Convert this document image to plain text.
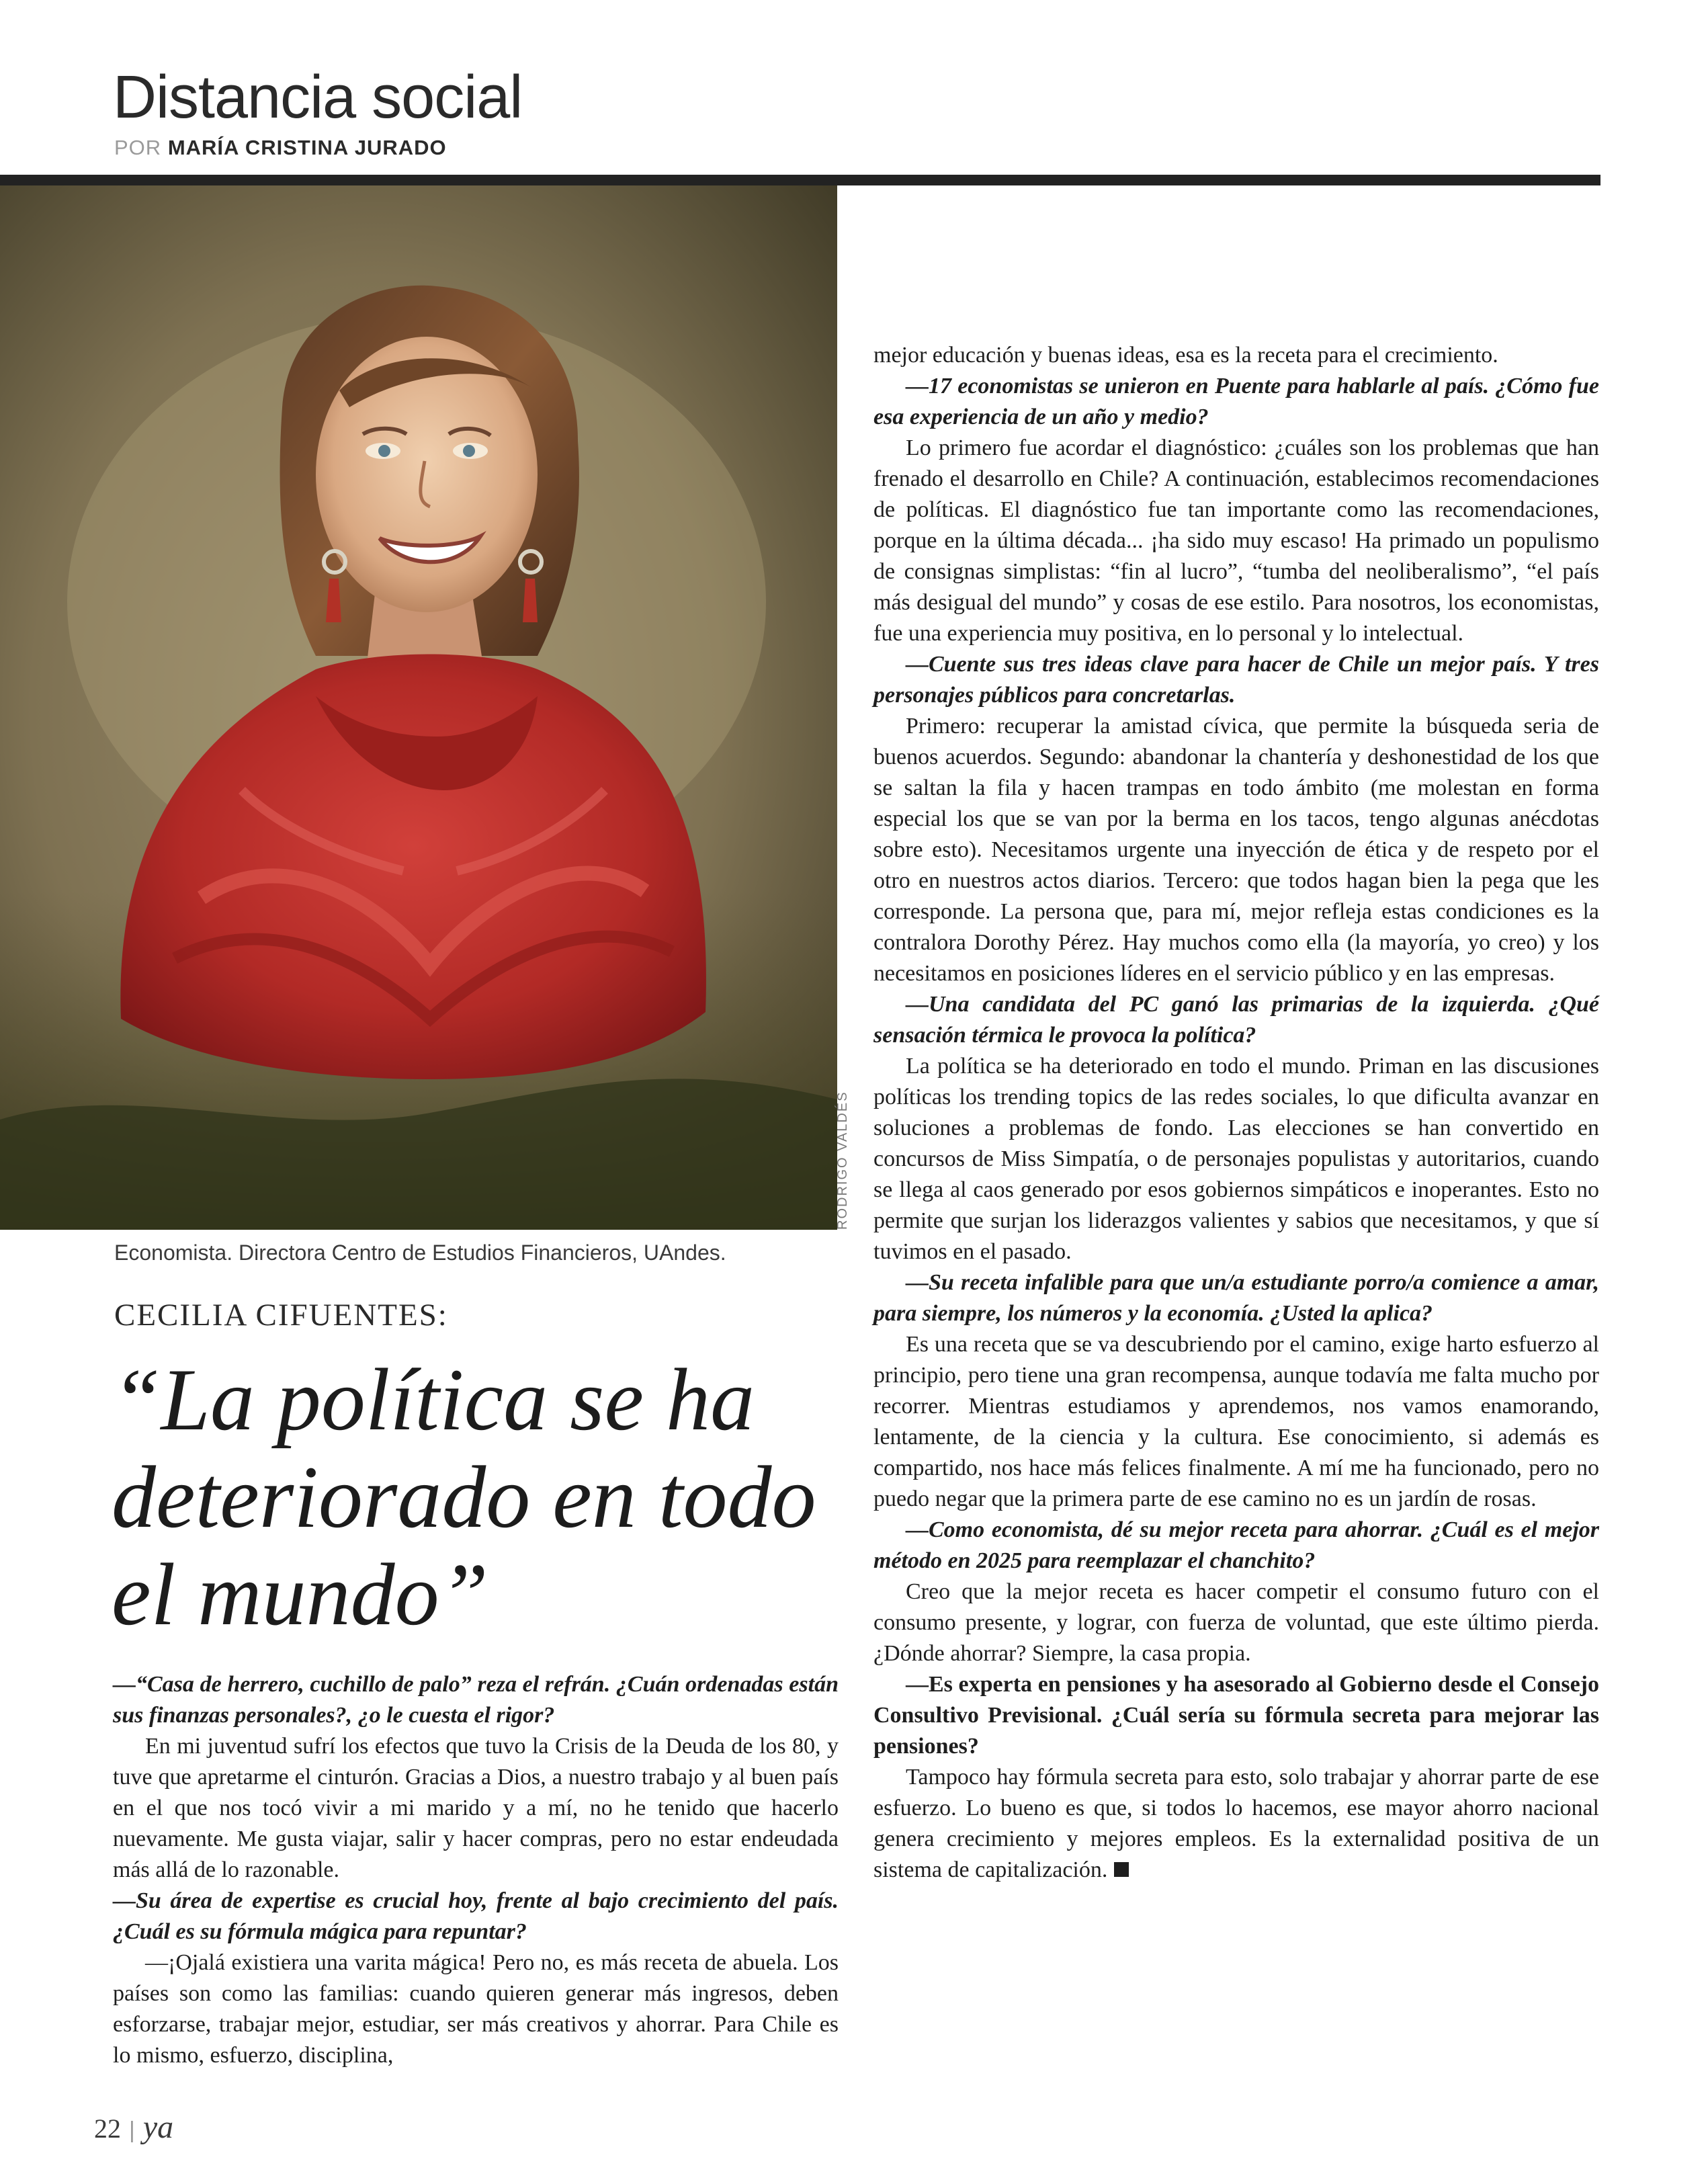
Distancia social
POR MARÍA CRISTINA JURADO
RODRIGO VALDÉS
Economista. Directora Centro de Estudios Financieros, UAndes.
CECILIA CIFUENTES:
“La política se ha deteriorado en todo el mundo”

—“Casa de herrero, cuchillo de palo” reza el refrán. ¿Cuán ordenadas están sus finanzas personales?, ¿o le cuesta el rigor?

En mi juventud sufrí los efectos que tuvo la Crisis de la Deuda de los 80, y tuve que apretarme el cinturón. Gracias a Dios, a nuestro trabajo y al buen país en el que nos tocó vivir a mi marido y a mí, no he tenido que hacerlo nuevamente. Me gusta viajar, salir y hacer compras, pero no estar endeudada más allá de lo razonable.

—Su área de expertise es crucial hoy, frente al bajo crecimiento del país. ¿Cuál es su fórmula mágica para repuntar?

—¡Ojalá existiera una varita mágica! Pero no, es más receta de abuela. Los países son como las familias: cuando quieren generar más ingresos, deben esforzarse, trabajar mejor, estudiar, ser más creativos y ahorrar. Para Chile es lo mismo, esfuerzo, disciplina,

mejor educación y buenas ideas, esa es la receta para el crecimiento.

—17 economistas se unieron en Puente para hablarle al país. ¿Cómo fue esa experiencia de un año y medio?

Lo primero fue acordar el diagnóstico: ¿cuáles son los problemas que han frenado el desarrollo en Chile? A continuación, establecimos recomendaciones de políticas. El diagnóstico fue tan importante como las recomendaciones, porque en la última década... ¡ha sido muy escaso! Ha primado un populismo de consignas simplistas: “fin al lucro”, “tumba del neoliberalismo”, “el país más desigual del mundo” y cosas de ese estilo. Para nosotros, los economistas, fue una experiencia muy positiva, en lo personal y lo intelectual.

—Cuente sus tres ideas clave para hacer de Chile un mejor país. Y tres personajes públicos para concretarlas.

Primero: recuperar la amistad cívica, que permite la búsqueda seria de buenos acuerdos. Segundo: abandonar la chantería y deshonestidad de los que se saltan la fila y hacen trampas en todo ámbito (me molestan en forma especial los que se van por la berma en los tacos, tengo algunas anécdotas sobre esto). Necesitamos urgente una inyección de ética y de respeto por el otro en nuestros actos diarios. Tercero: que todos hagan bien la pega que les corresponde. La persona que, para mí, mejor refleja estas condiciones es la contralora Dorothy Pérez. Hay muchos como ella (la mayoría, yo creo) y los necesitamos en posiciones líderes en el servicio público y en las empresas.

—Una candidata del PC ganó las primarias de la izquierda. ¿Qué sensación térmica le provoca la política?

La política se ha deteriorado en todo el mundo. Priman en las discusiones políticas los trending topics de las redes sociales, lo que dificulta avanzar en soluciones a problemas de fondo. Las elecciones se han convertido en concursos de Miss Simpatía, o de personajes populistas y autoritarios, cuando se llega al caos generado por esos gobiernos simpáticos e inoperantes. Esto no permite que surjan los liderazgos valientes y sabios que necesitamos, y que sí tuvimos en el pasado.

—Su receta infalible para que un/a estudiante porro/a comience a amar, para siempre, los números y la economía. ¿Usted la aplica?

Es una receta que se va descubriendo por el camino, exige harto esfuerzo al principio, pero tiene una gran recompensa, aunque todavía me falta mucho por recorrer. Mientras estudiamos y aprendemos, nos vamos enamorando, lentamente, de la ciencia y la cultura. Ese conocimiento, si además es compartido, nos hace más felices finalmente. A mí me ha funcionado, pero no puedo negar que la primera parte de ese camino no es un jardín de rosas.

—Como economista, dé su mejor receta para ahorrar. ¿Cuál es el mejor método en 2025 para reemplazar el chanchito?

Creo que la mejor receta es hacer competir el consumo futuro con el consumo presente, y lograr, con fuerza de voluntad, que este último pierda. ¿Dónde ahorrar? Siempre, la casa propia.

—Es experta en pensiones y ha asesorado al Gobierno desde el Consejo Consultivo Previsional. ¿Cuál sería su fórmula secreta para mejorar las pensiones?

Tampoco hay fórmula secreta para esto, solo trabajar y ahorrar parte de ese esfuerzo. Lo bueno es que, si todos lo hacemos, ese mayor ahorro nacional genera crecimiento y mejores empleos. Es la externalidad positiva de un sistema de capitalización.

22 | ya
